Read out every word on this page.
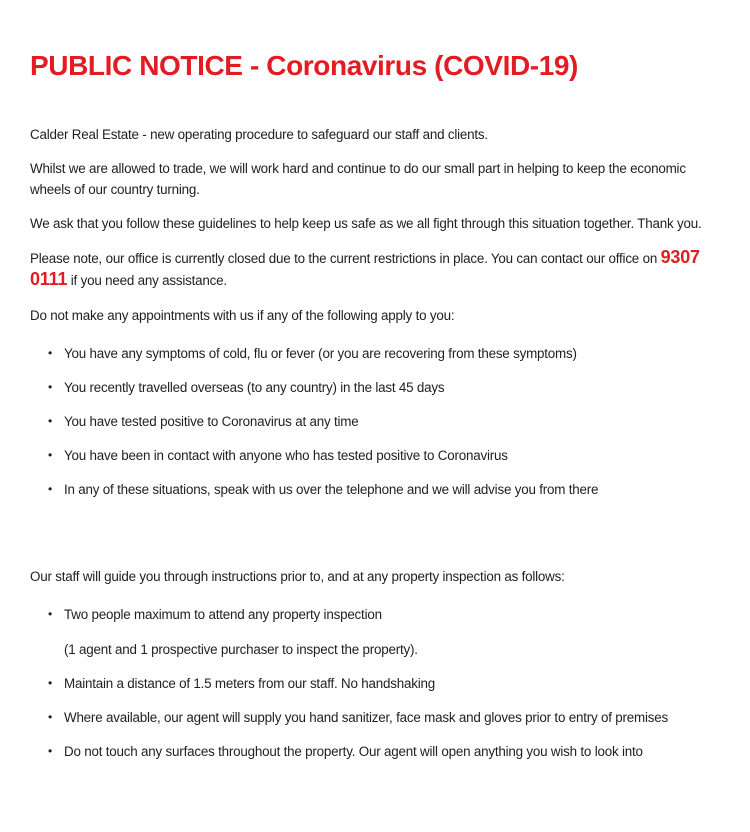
PUBLIC NOTICE - Coronavirus (COVID-19)

Calder Real Estate - new operating procedure to safeguard our staff and clients.

Whilst we are allowed to trade, we will work hard and continue to do our small part in helping to keep the economic wheels of our country turning.

We ask that you follow these guidelines to help keep us safe as we all fight through this situation together. Thank you.

Please note, our office is currently closed due to the current restrictions in place. You can contact our office on 9307 0111 if you need any assistance.

Do not make any appointments with us if any of the following apply to you:

• You have any symptoms of cold, flu or fever (or you are recovering from these symptoms)
• You recently travelled overseas (to any country) in the last 45 days
• You have tested positive to Coronavirus at any time
• You have been in contact with anyone who has tested positive to Coronavirus
• In any of these situations, speak with us over the telephone and we will advise you from there

Our staff will guide you through instructions prior to, and at any property inspection as follows:

• Two people maximum to attend any property inspection
(1 agent and 1 prospective purchaser to inspect the property).
• Maintain a distance of 1.5 meters from our staff. No handshaking
• Where available, our agent will supply you hand sanitizer, face mask and gloves prior to entry of premises
• Do not touch any surfaces throughout the property. Our agent will open anything you wish to look into
